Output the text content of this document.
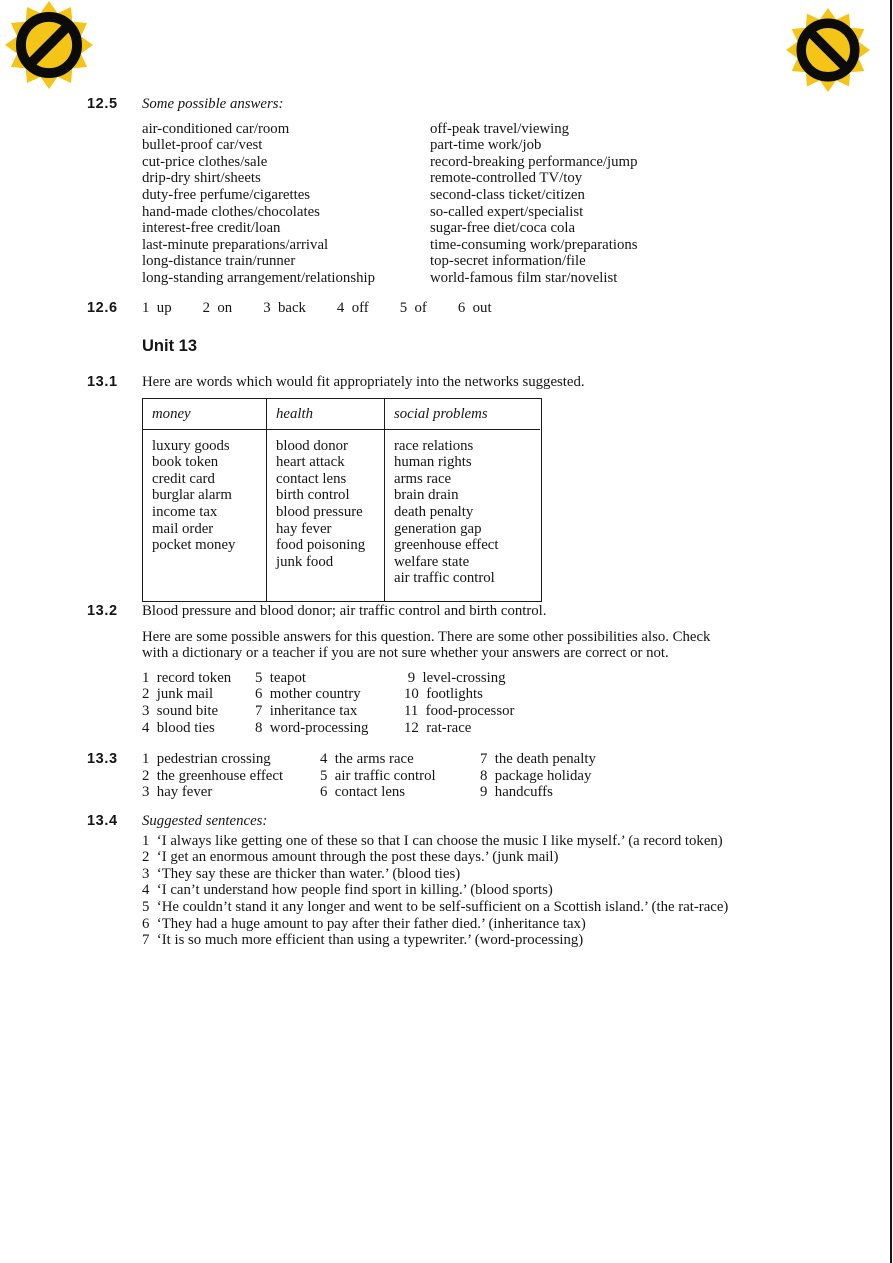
12.5 Some possible answers:
air-conditioned car/room
bullet-proof car/vest
cut-price clothes/sale
drip-dry shirt/sheets
duty-free perfume/cigarettes
hand-made clothes/chocolates
interest-free credit/loan
last-minute preparations/arrival
long-distance train/runner
long-standing arrangement/relationship
off-peak travel/viewing
part-time work/job
record-breaking performance/jump
remote-controlled TV/toy
second-class ticket/citizen
so-called expert/specialist
sugar-free diet/coca cola
time-consuming work/preparations
top-secret information/file
world-famous film star/novelist
12.6 1  up 2  on 3  back 4  off 5  of 6  out
Unit 13
13.1 Here are words which would fit appropriately into the networks suggested.
money
luxury goods
book token
credit card
burglar alarm
income tax
mail order
pocket money
health
blood donor
heart attack
contact lens
birth control
blood pressure
hay fever
food poisoning
junk food
social problems
race relations
human rights
arms race
brain drain
death penalty
generation gap
greenhouse effect
welfare state
air traffic control
13.2 Blood pressure and blood donor; air traffic control and birth control.
Here are some possible answers for this question. There are some other possibilities also. Check
with a dictionary or a teacher if you are not sure whether your answers are correct or not.
1  record token
2  junk mail
3  sound bite
4  blood ties
5  teapot
6  mother country
7  inheritance tax
8  word-processing
9  level-crossing
10  footlights
11  food-processor
12  rat-race
13.3 1  pedestrian crossing
2  the greenhouse effect
3  hay fever
4  the arms race
5  air traffic control
6  contact lens
7  the death penalty
8  package holiday
9  handcuffs
13.4 Suggested sentences:
1  ‘I always like getting one of these so that I can choose the music I like myself.’ (a record token)
2  ‘I get an enormous amount through the post these days.’ (junk mail)
3  ‘They say these are thicker than water.’ (blood ties)
4  ‘I can’t understand how people find sport in killing.’ (blood sports)
5  ‘He couldn’t stand it any longer and went to be self-sufficient on a Scottish island.’ (the rat-race)
6  ‘They had a huge amount to pay after their father died.’ (inheritance tax)
7  ‘It is so much more efficient than using a typewriter.’ (word-processing)
